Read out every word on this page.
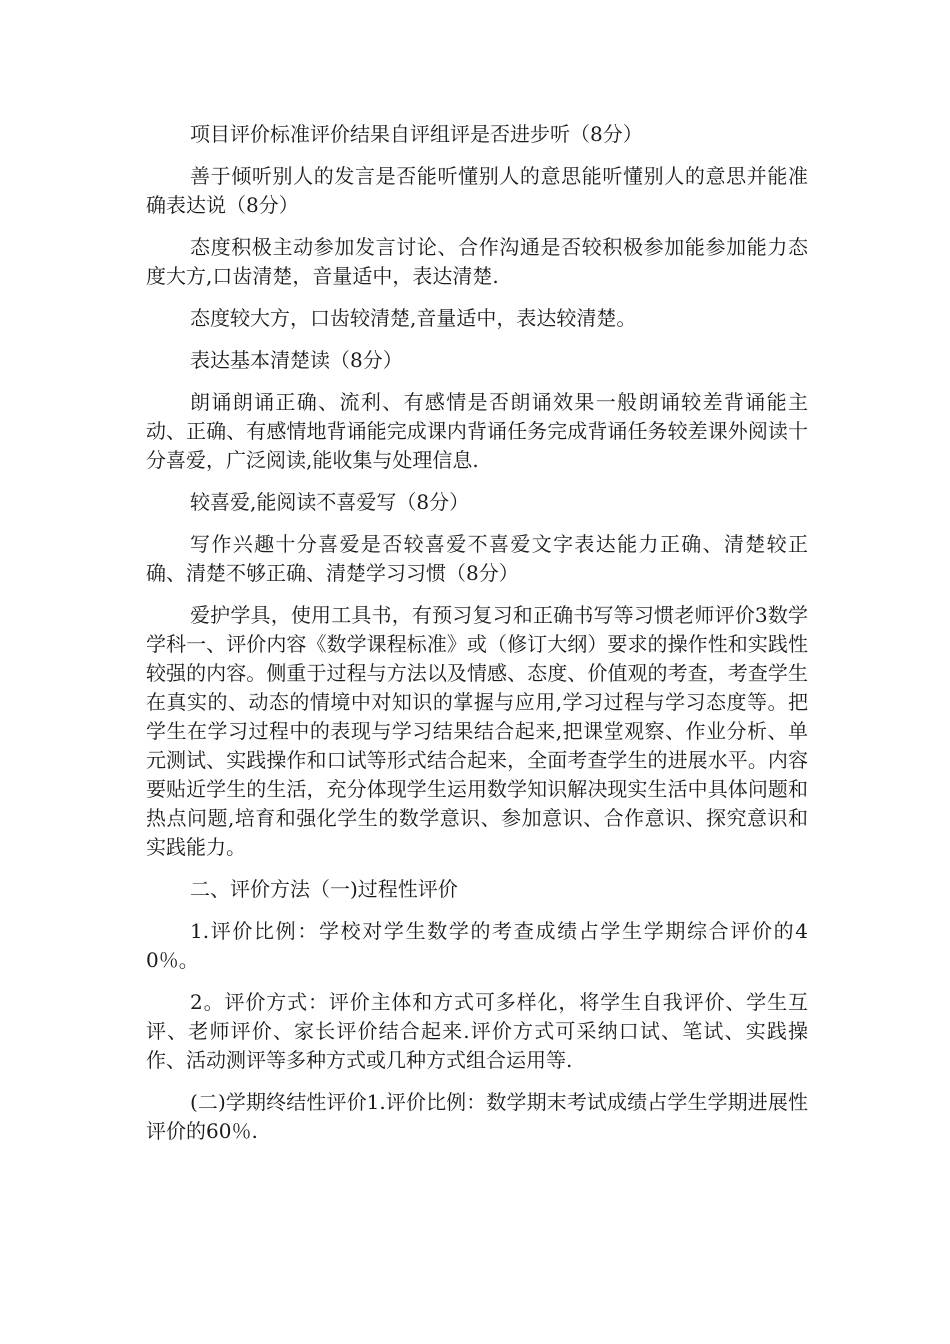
项目评价标准评价结果自评组评是否进步听（8分）

善于倾听别人的发言是否能听懂别人的意思能听懂别人的意思并能准确表达说（8分）

态度积极主动参加发言讨论、合作沟通是否较积极参加能参加能力态度大方,口齿清楚，音量适中，表达清楚.

态度较大方，口齿较清楚,音量适中，表达较清楚。

表达基本清楚读（8分）

朗诵朗诵正确、流利、有感情是否朗诵效果一般朗诵较差背诵能主动、正确、有感情地背诵能完成课内背诵任务完成背诵任务较差课外阅读十分喜爱，广泛阅读,能收集与处理信息.

较喜爱,能阅读不喜爱写（8分）

写作兴趣十分喜爱是否较喜爱不喜爱文字表达能力正确、清楚较正确、清楚不够正确、清楚学习习惯（8分）

爱护学具，使用工具书，有预习复习和正确书写等习惯老师评价3数学学科一、评价内容《数学课程标准》或（修订大纲）要求的操作性和实践性较强的内容。侧重于过程与方法以及情感、态度、价值观的考查，考查学生在真实的、动态的情境中对知识的掌握与应用,学习过程与学习态度等。把学生在学习过程中的表现与学习结果结合起来,把课堂观察、作业分析、单元测试、实践操作和口试等形式结合起来，全面考查学生的进展水平。内容要贴近学生的生活，充分体现学生运用数学知识解决现实生活中具体问题和热点问题,培育和强化学生的数学意识、参加意识、合作意识、探究意识和实践能力。

二、评价方法（一)过程性评价

1.评价比例：学校对学生数学的考查成绩占学生学期综合评价的40％。

2。评价方式：评价主体和方式可多样化，将学生自我评价、学生互评、老师评价、家长评价结合起来.评价方式可采纳口试、笔试、实践操作、活动测评等多种方式或几种方式组合运用等.

(二)学期终结性评价1.评价比例：数学期末考试成绩占学生学期进展性评价的60％.
